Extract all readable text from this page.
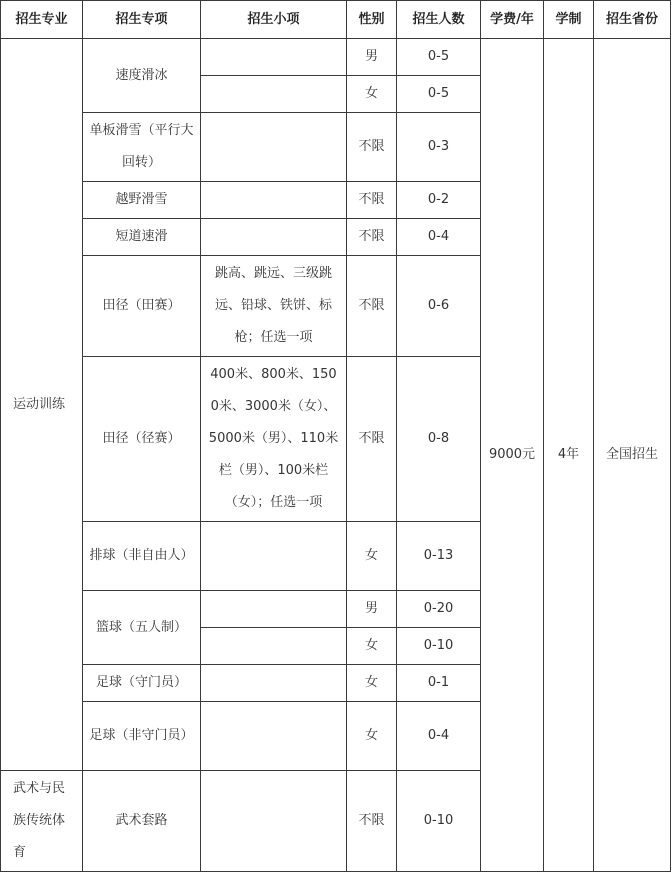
招生专业	招生专项	招生小项	性别	招生人数	学费/年	学制	招生省份
运动训练	速度滑冰		男	0-5	9000元	4年	全国招生
			女	0-5			
	单板滑雪（平行大回转）		不限	0-3			
	越野滑雪		不限	0-2			
	短道速滑		不限	0-4			
	田径（田赛）	跳高、跳远、三级跳远、铅球、铁饼、标枪；任选一项	不限	0-6			
	田径（径赛）	400米、800米、1500米、3000米（女）、5000米（男）、110米栏（男）、100米栏（女）；任选一项	不限	0-8			
	排球（非自由人）		女	0-13			
	篮球（五人制）		男	0-20			
			女	0-10			
	足球（守门员）		女	0-1			
	足球（非守门员）		女	0-4			
武术与民族传统体育	武术套路		不限	0-10			
